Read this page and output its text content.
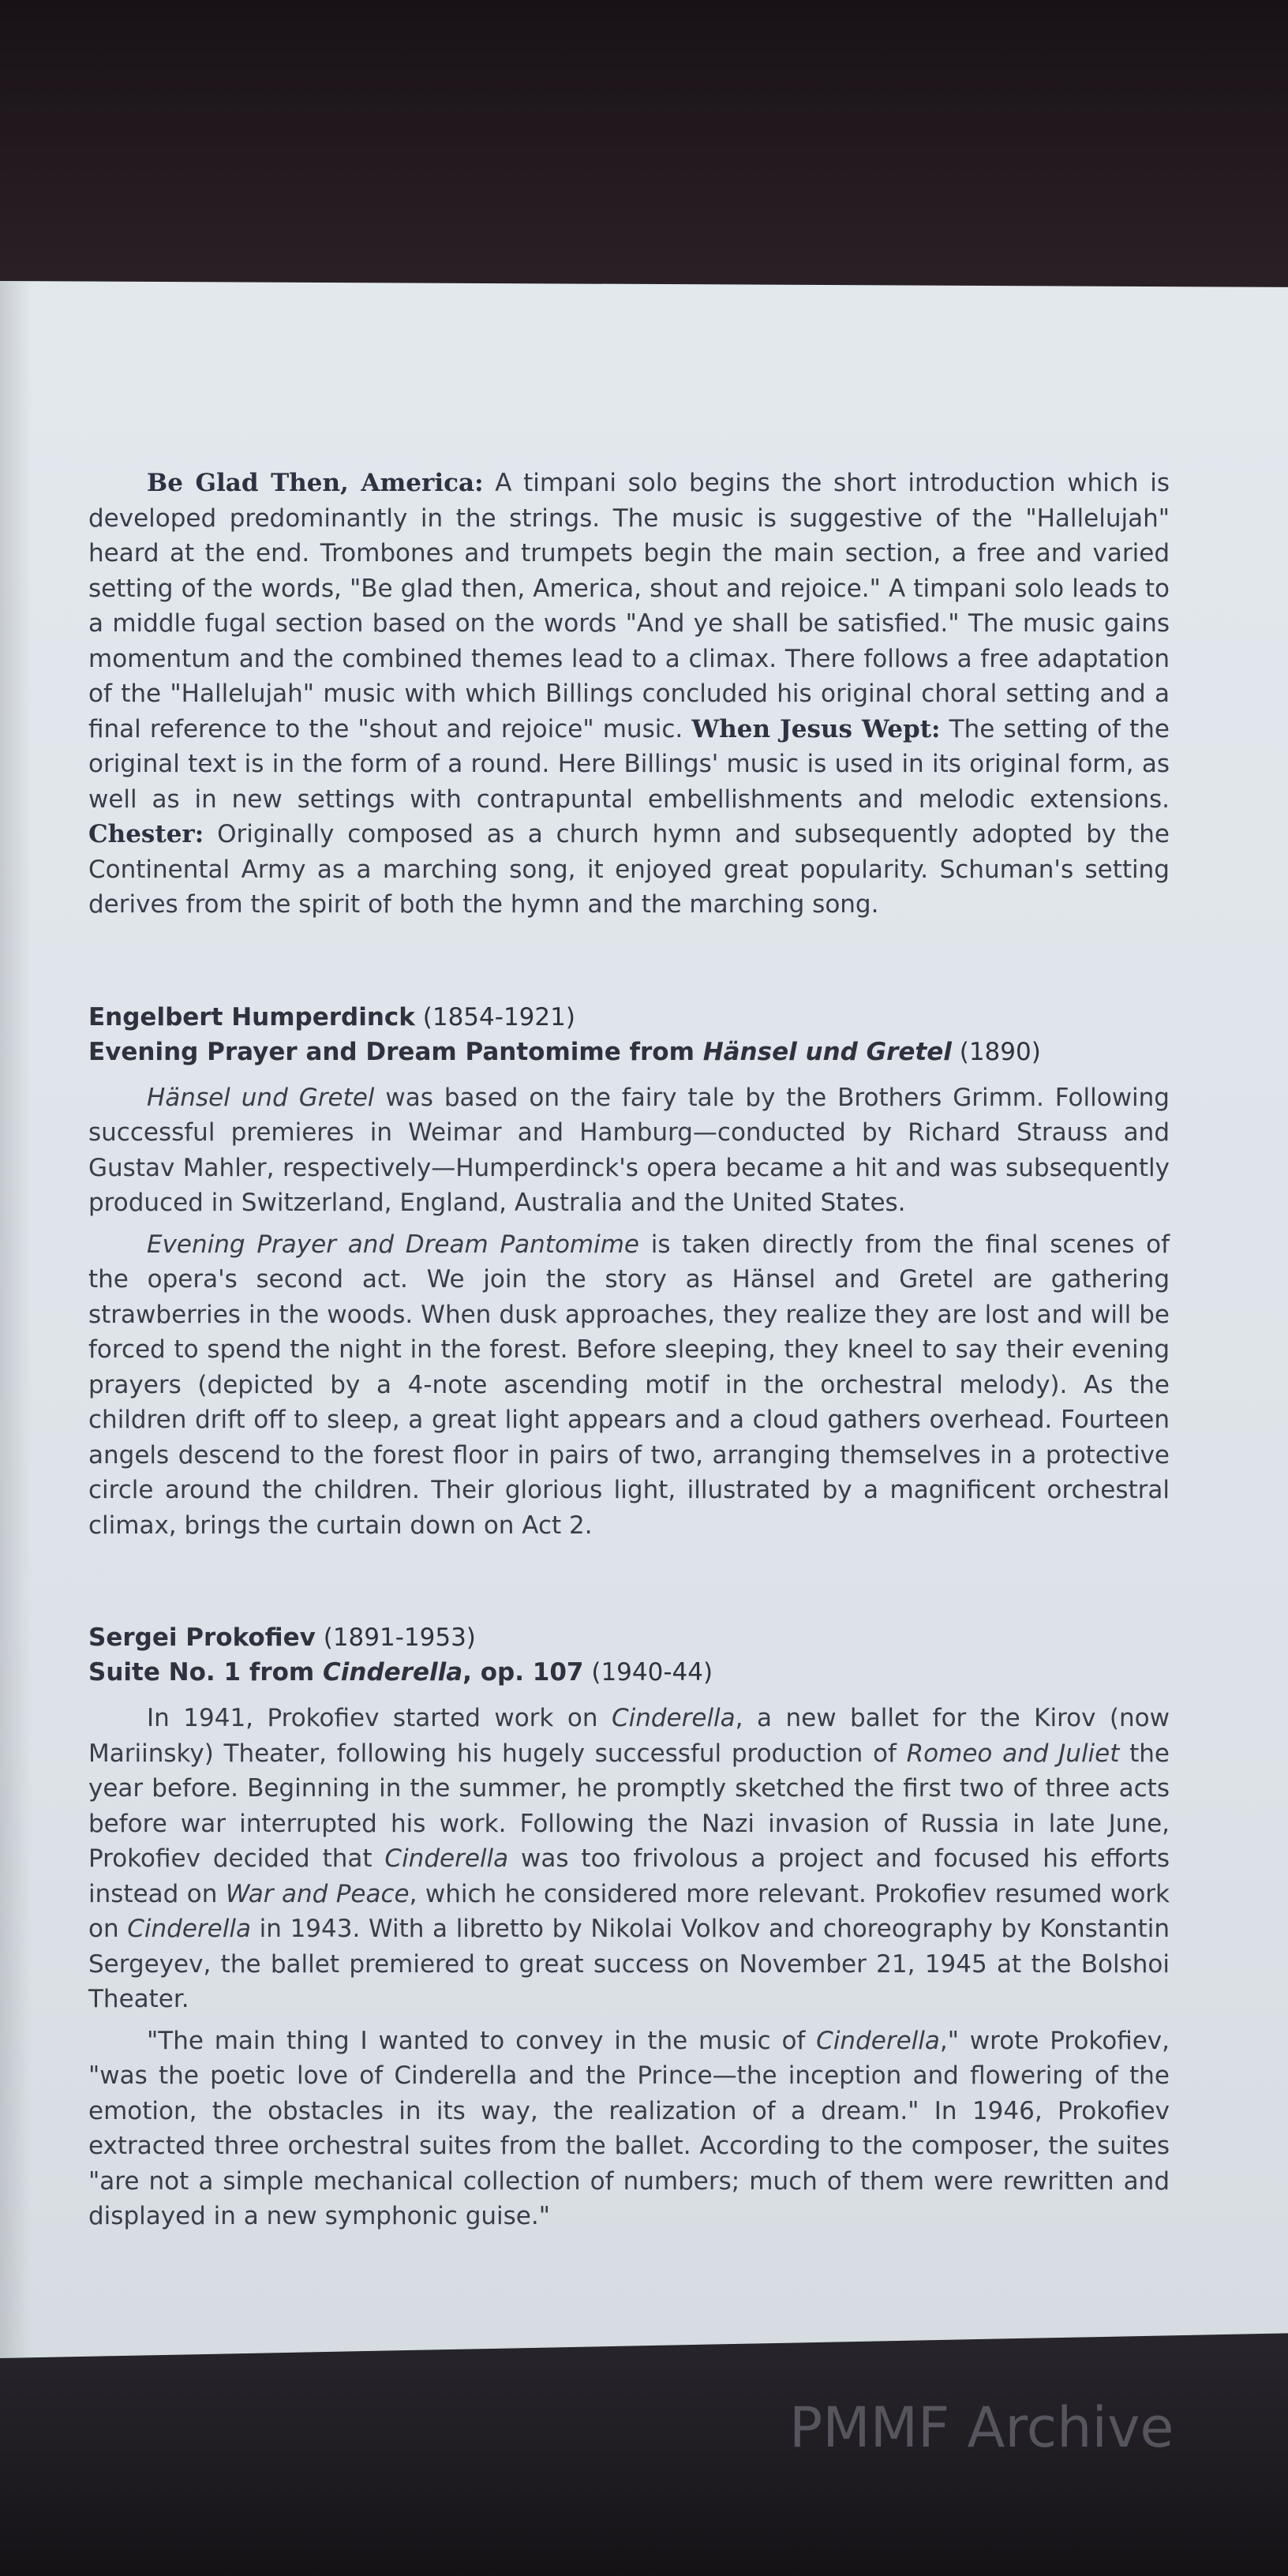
Be Glad Then, America: A timpani solo begins the short introduction which is developed predominantly in the strings. The music is suggestive of the "Hallelujah" heard at the end. Trombones and trumpets begin the main section, a free and varied setting of the words, "Be glad then, America, shout and rejoice." A timpani solo leads to a middle fugal section based on the words "And ye shall be satisfied." The music gains momentum and the combined themes lead to a climax. There follows a free adaptation of the "Hallelujah" music with which Billings concluded his original choral setting and a final reference to the "shout and rejoice" music. When Jesus Wept: The setting of the original text is in the form of a round. Here Billings' music is used in its original form, as well as in new settings with contrapuntal embellishments and melodic extensions. Chester: Originally composed as a church hymn and subsequently adopted by the Continental Army as a marching song, it enjoyed great popularity. Schuman's setting derives from the spirit of both the hymn and the marching song.

Engelbert Humperdinck (1854-1921)

Evening Prayer and Dream Pantomime from Hänsel und Gretel (1890)

Hänsel und Gretel was based on the fairy tale by the Brothers Grimm. Following successful premieres in Weimar and Hamburg—conducted by Richard Strauss and Gustav Mahler, respectively—Humperdinck's opera became a hit and was subsequently produced in Switzerland, England, Australia and the United States.

Evening Prayer and Dream Pantomime is taken directly from the final scenes of the opera's second act. We join the story as Hänsel and Gretel are gathering strawberries in the woods. When dusk approaches, they realize they are lost and will be forced to spend the night in the forest. Before sleeping, they kneel to say their evening prayers (depicted by a 4-note ascending motif in the orchestral melody). As the children drift off to sleep, a great light appears and a cloud gathers overhead. Fourteen angels descend to the forest floor in pairs of two, arranging themselves in a protective circle around the children. Their glorious light, illustrated by a magnificent orchestral climax, brings the curtain down on Act 2.

Sergei Prokofiev (1891-1953)

Suite No. 1 from Cinderella, op. 107 (1940-44)

In 1941, Prokofiev started work on Cinderella, a new ballet for the Kirov (now Mariinsky) Theater, following his hugely successful production of Romeo and Juliet the year before. Beginning in the summer, he promptly sketched the first two of three acts before war interrupted his work. Following the Nazi invasion of Russia in late June, Prokofiev decided that Cinderella was too frivolous a project and focused his efforts instead on War and Peace, which he considered more relevant. Prokofiev resumed work on Cinderella in 1943. With a libretto by Nikolai Volkov and choreography by Konstantin Sergeyev, the ballet premiered to great success on November 21, 1945 at the Bolshoi Theater.

"The main thing I wanted to convey in the music of Cinderella," wrote Prokofiev, "was the poetic love of Cinderella and the Prince—the inception and flowering of the emotion, the obstacles in its way, the realization of a dream." In 1946, Prokofiev extracted three orchestral suites from the ballet. According to the composer, the suites "are not a simple mechanical collection of numbers; much of them were rewritten and displayed in a new symphonic guise."

PMMF Archive
